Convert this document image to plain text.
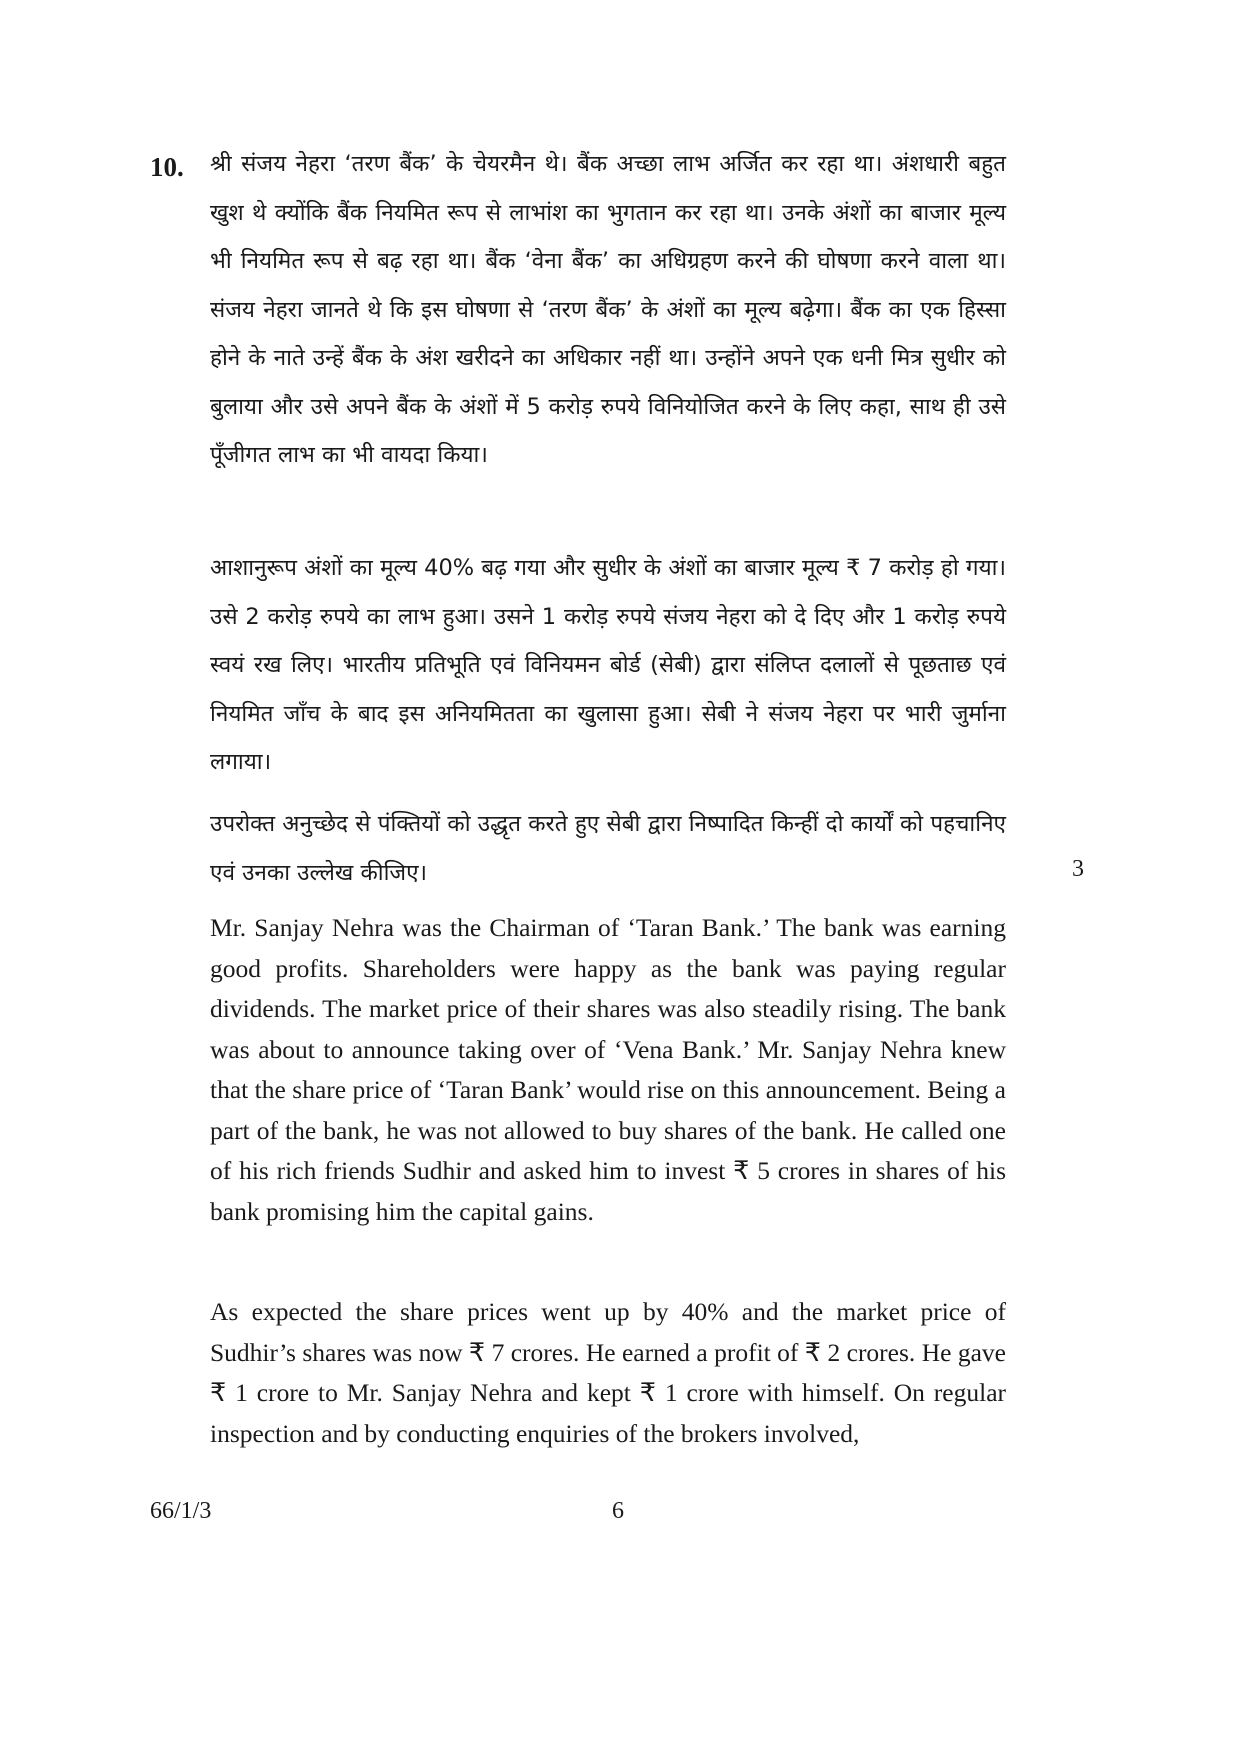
10. श्री संजय नेहरा ‘तरण बैंक’ के चेयरमैन थे। बैंक अच्छा लाभ अर्जित कर रहा था। अंशधारी बहुत खुश थे क्योंकि बैंक नियमित रूप से लाभांश का भुगतान कर रहा था। उनके अंशों का बाजार मूल्य भी नियमित रूप से बढ़ रहा था। बैंक ‘वेना बैंक’ का अधिग्रहण करने की घोषणा करने वाला था। संजय नेहरा जानते थे कि इस घोषणा से ‘तरण बैंक’ के अंशों का मूल्य बढ़ेगा। बैंक का एक हिस्सा होने के नाते उन्हें बैंक के अंश खरीदने का अधिकार नहीं था। उन्होंने अपने एक धनी मित्र सुधीर को बुलाया और उसे अपने बैंक के अंशों में 5 करोड़ रुपये विनियोजित करने के लिए कहा, साथ ही उसे पूँजीगत लाभ का भी वायदा किया।

आशानुरूप अंशों का मूल्य 40% बढ़ गया और सुधीर के अंशों का बाजार मूल्य ₹ 7 करोड़ हो गया। उसे 2 करोड़ रुपये का लाभ हुआ। उसने 1 करोड़ रुपये संजय नेहरा को दे दिए और 1 करोड़ रुपये स्वयं रख लिए। भारतीय प्रतिभूति एवं विनियमन बोर्ड (सेबी) द्वारा संलिप्त दलालों से पूछताछ एवं नियमित जाँच के बाद इस अनियमितता का खुलासा हुआ। सेबी ने संजय नेहरा पर भारी जुर्माना लगाया।

उपरोक्त अनुच्छेद से पंक्तियों को उद्धृत करते हुए सेबी द्वारा निष्पादित किन्हीं दो कार्यों को पहचानिए एवं उनका उल्लेख कीजिए।	3

Mr. Sanjay Nehra was the Chairman of ‘Taran Bank.’ The bank was earning good profits. Shareholders were happy as the bank was paying regular dividends. The market price of their shares was also steadily rising. The bank was about to announce taking over of ‘Vena Bank.’ Mr. Sanjay Nehra knew that the share price of ‘Taran Bank’ would rise on this announcement. Being a part of the bank, he was not allowed to buy shares of the bank. He called one of his rich friends Sudhir and asked him to invest ₹ 5 crores in shares of his bank promising him the capital gains.

As expected the share prices went up by 40% and the market price of Sudhir’s shares was now ₹ 7 crores. He earned a profit of ₹ 2 crores. He gave ₹ 1 crore to Mr. Sanjay Nehra and kept ₹ 1 crore with himself. On regular inspection and by conducting enquiries of the brokers involved,

66/1/3	6
